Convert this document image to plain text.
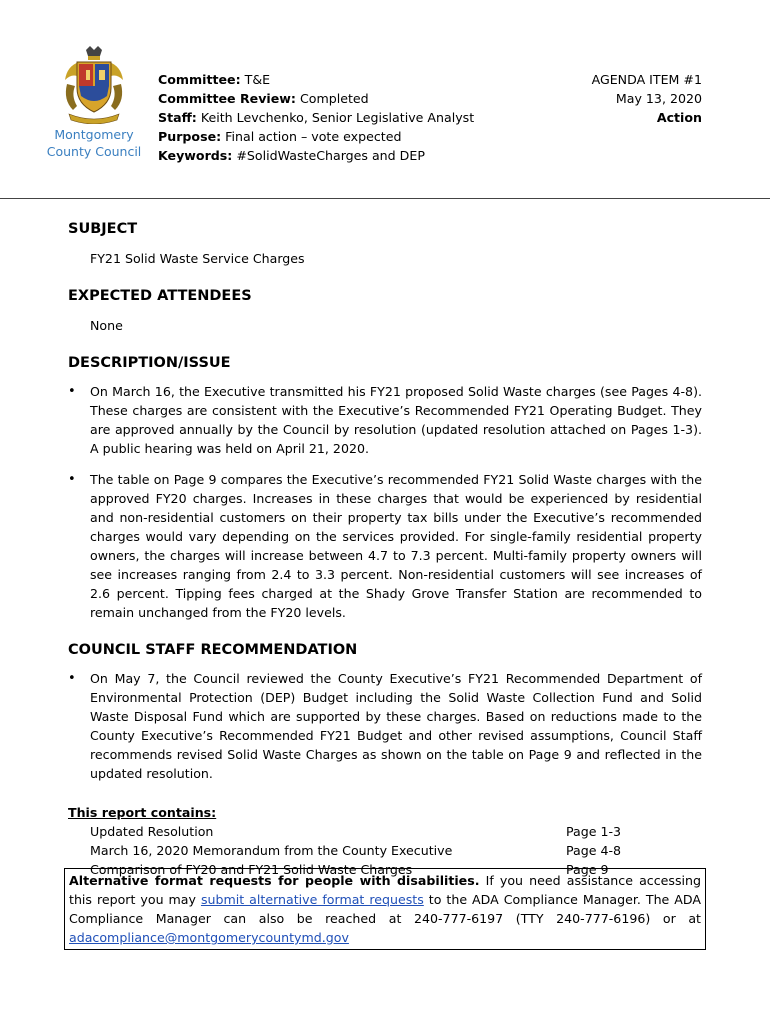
Montgomery
County Council
Committee: T&E
Committee Review: Completed
Staff: Keith Levchenko, Senior Legislative Analyst
Purpose: Final action – vote expected
Keywords: #SolidWasteCharges and DEP
AGENDA ITEM #1
May 13, 2020
Action
SUBJECT

FY21 Solid Waste Service Charges

EXPECTED ATTENDEES

None

DESCRIPTION/ISSUE
• On March 16, the Executive transmitted his FY21 proposed Solid Waste charges (see Pages 4-8). These charges are consistent with the Executive’s Recommended FY21 Operating Budget. They are approved annually by the Council by resolution (updated resolution attached on Pages 1-3). A public hearing was held on April 21, 2020.
• The table on Page 9 compares the Executive’s recommended FY21 Solid Waste charges with the approved FY20 charges. Increases in these charges that would be experienced by residential and non-residential customers on their property tax bills under the Executive’s recommended charges would vary depending on the services provided. For single-family residential property owners, the charges will increase between 4.7 to 7.3 percent. Multi-family property owners will see increases ranging from 2.4 to 3.3 percent. Non-residential customers will see increases of 2.6 percent. Tipping fees charged at the Shady Grove Transfer Station are recommended to remain unchanged from the FY20 levels.
COUNCIL STAFF RECOMMENDATION
• On May 7, the Council reviewed the County Executive’s FY21 Recommended Department of Environmental Protection (DEP) Budget including the Solid Waste Collection Fund and Solid Waste Disposal Fund which are supported by these charges. Based on reductions made to the County Executive’s Recommended FY21 Budget and other revised assumptions, Council Staff recommends revised Solid Waste Charges as shown on the table on Page 9 and reflected in the updated resolution.
This report contains:
Updated Resolution	Page 1-3
March 16, 2020 Memorandum from the County Executive	Page 4-8
Comparison of FY20 and FY21 Solid Waste Charges	Page 9
Alternative format requests for people with disabilities. If you need assistance accessing this report you may submit alternative format requests to the ADA Compliance Manager. The ADA Compliance Manager can also be reached at 240-777-6197 (TTY 240-777-6196) or at adacompliance@montgomerycountymd.gov
